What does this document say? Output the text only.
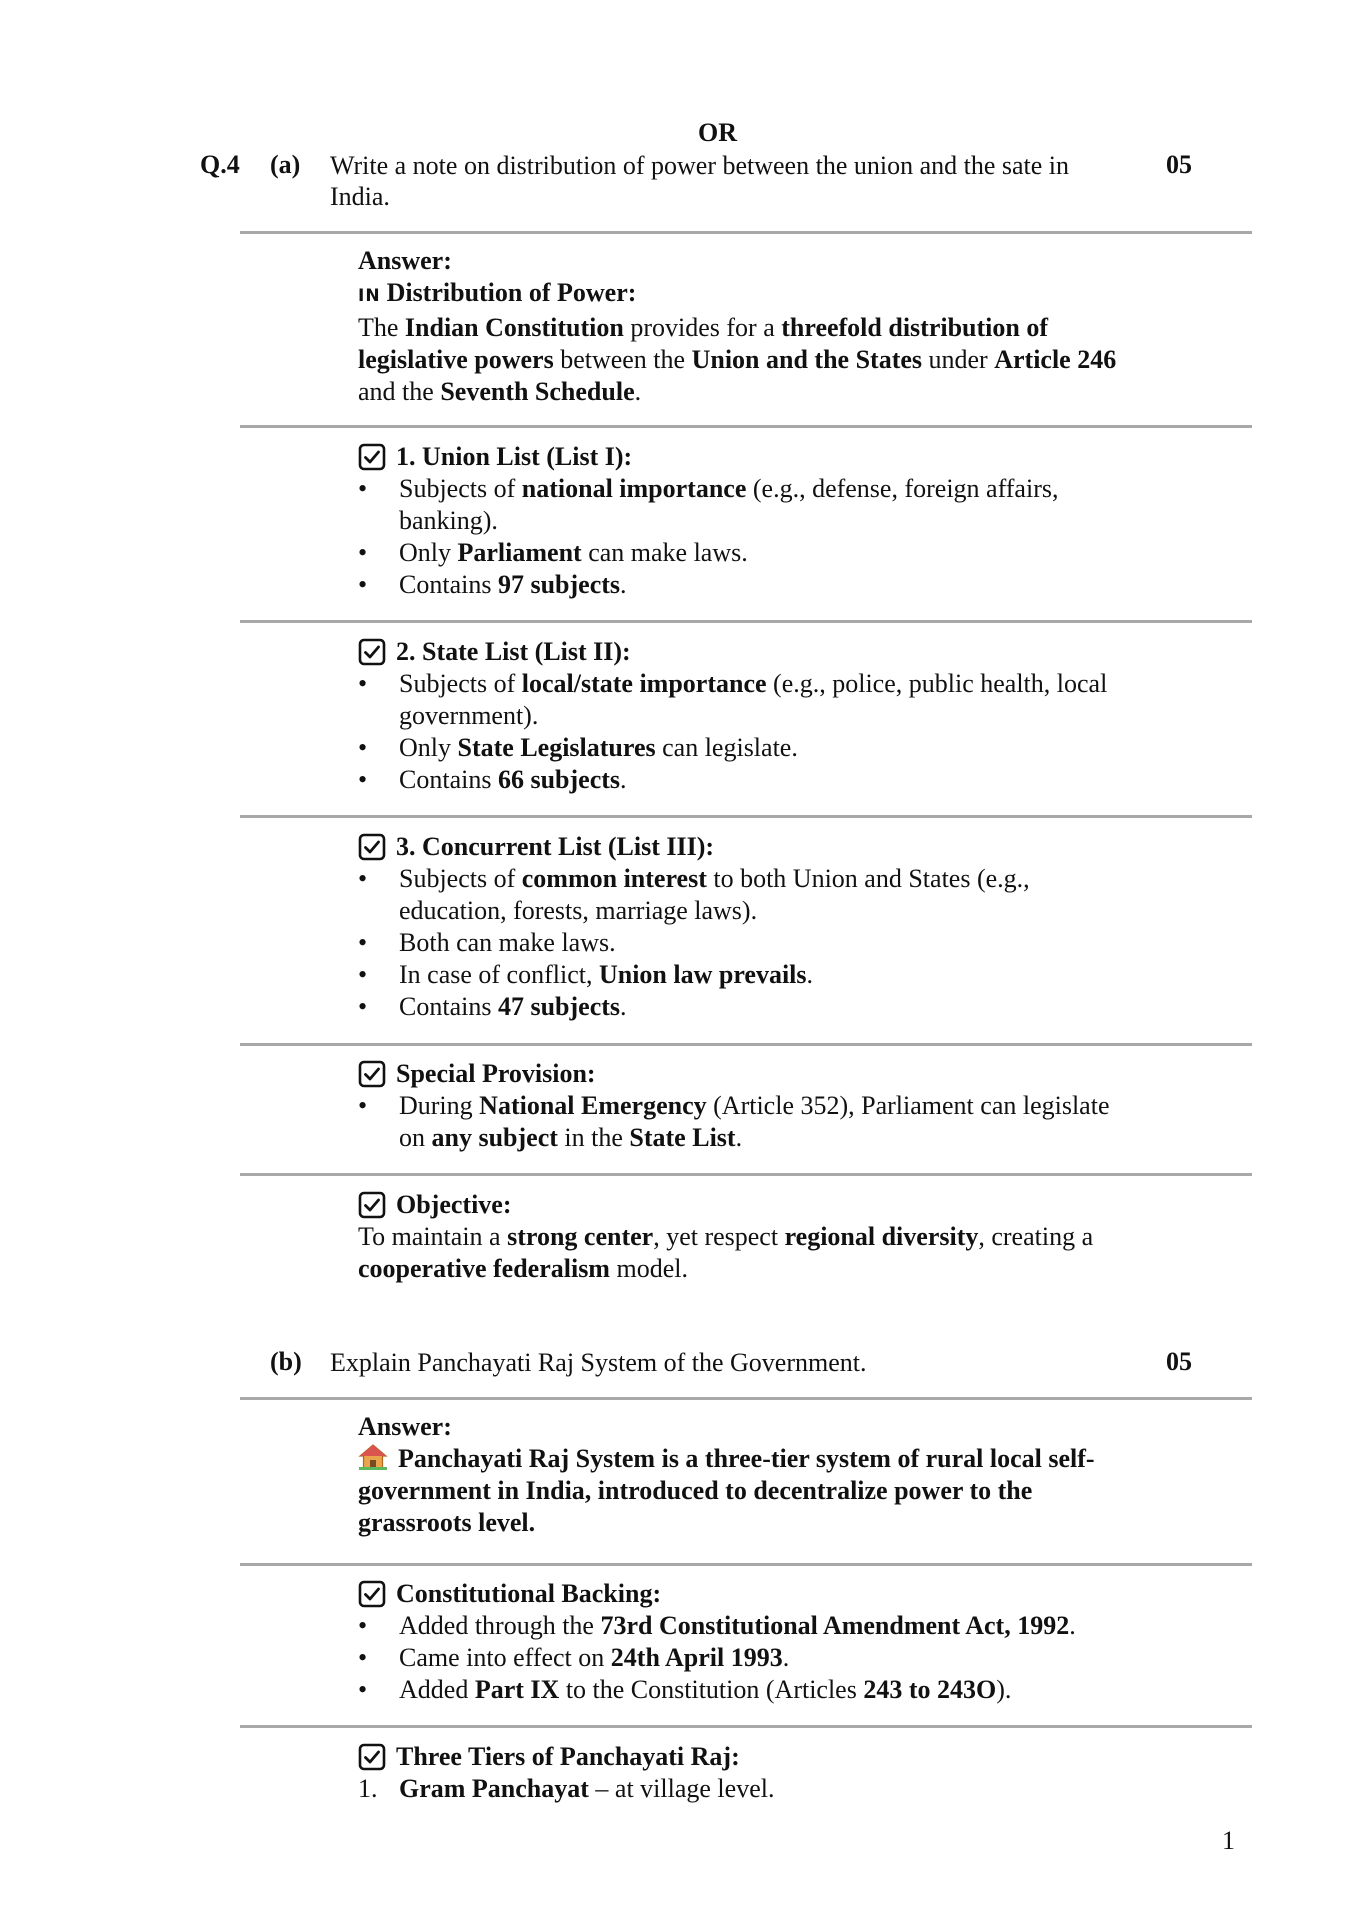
OR
Q.4 (a) Write a note on distribution of power between the union and the sate in India.
05
Answer:
IN Distribution of Power:
The Indian Constitution provides for a threefold distribution of legislative powers between the Union and the States under Article 246 and the Seventh Schedule.
1. Union List (List I):
• Subjects of national importance (e.g., defense, foreign affairs, banking).
• Only Parliament can make laws.
• Contains 97 subjects.
2. State List (List II):
• Subjects of local/state importance (e.g., police, public health, local government).
• Only State Legislatures can legislate.
• Contains 66 subjects.
3. Concurrent List (List III):
• Subjects of common interest to both Union and States (e.g., education, forests, marriage laws).
• Both can make laws.
• In case of conflict, Union law prevails.
• Contains 47 subjects.
Special Provision:
• During National Emergency (Article 352), Parliament can legislate on any subject in the State List.
Objective:
To maintain a strong center, yet respect regional diversity, creating a cooperative federalism model.
(b) Explain Panchayati Raj System of the Government.	05
Answer:
Panchayati Raj System is a three-tier system of rural local self-government in India, introduced to decentralize power to the grassroots level.
Constitutional Backing:
• Added through the 73rd Constitutional Amendment Act, 1992.
• Came into effect on 24th April 1993.
• Added Part IX to the Constitution (Articles 243 to 243O).
Three Tiers of Panchayati Raj:
1. Gram Panchayat – at village level.
1
